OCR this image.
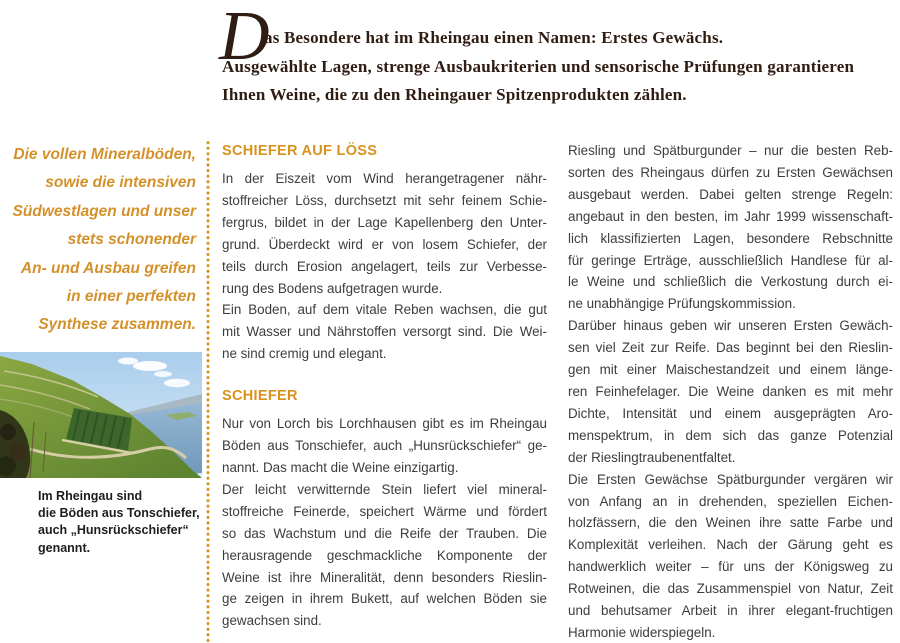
D
as Besondere hat im Rheingau einen Namen: Erstes Gewächs.
Ausgewählte Lagen, strenge Ausbaukriterien und sensorische Prüfungen garantieren
Ihnen Weine, die zu den Rheingauer Spitzenprodukten zählen.
Die vollen Mineralböden,
sowie die intensiven
Südwestlagen und unser
stets schonender
An- und Ausbau greifen
in einer perfekten
Synthese zusammen.
Im Rheingau sind
die Böden aus Tonschiefer,
auch „Hunsrückschiefer“
genannt.
SCHIEFER AUF LÖSS
In der Eiszeit vom Wind herangetragener nähr-
stoffreicher Löss, durchsetzt mit sehr feinem Schie-
fergrus, bildet in der Lage Kapellenberg den Unter-
grund. Überdeckt wird er von losem Schiefer, der
teils durch Erosion angelagert, teils zur Verbesse-
rung des Bodens aufgetragen wurde.
Ein Boden, auf dem vitale Reben wachsen, die gut
mit Wasser und Nährstoffen versorgt sind. Die Wei-
ne sind cremig und elegant.
SCHIEFER
Nur von Lorch bis Lorchhausen gibt es im Rheingau
Böden aus Tonschiefer, auch „Hunsrückschiefer“ ge-
nannt. Das macht die Weine einzigartig.
Der leicht verwitternde Stein liefert viel mineral-
stoffreiche Feinerde, speichert Wärme und fördert
so das Wachstum und die Reife der Trauben. Die
herausragende geschmackliche Komponente der
Weine ist ihre Mineralität, denn besonders Rieslin-
ge zeigen in ihrem Bukett, auf welchen Böden sie
gewachsen sind.
Riesling und Spätburgunder – nur die besten Reb-
sorten des Rheingaus dürfen zu Ersten Gewächsen
ausgebaut werden. Dabei gelten strenge Regeln:
angebaut in den besten, im Jahr 1999 wissenschaft-
lich klassifizierten Lagen, besondere Rebschnitte
für geringe Erträge, ausschließlich Handlese für al-
le Weine und schließlich die Verkostung durch ei-
ne unabhängige Prüfungskommission.
Darüber hinaus geben wir unseren Ersten Gewäch-
sen viel Zeit zur Reife. Das beginnt bei den Rieslin-
gen mit einer Maischestandzeit und einem länge-
ren Feinhefelager. Die Weine danken es mit mehr
Dichte, Intensität und einem ausgeprägten Aro-
menspektrum, in dem sich das ganze Potenzial
der Rieslingtraubenentfaltet.
Die Ersten Gewächse Spätburgunder vergären wir
von Anfang an in drehenden, speziellen Eichen-
holzfässern, die den Weinen ihre satte Farbe und
Komplexität verleihen. Nach der Gärung geht es
handwerklich weiter – für uns der Königsweg zu
Rotweinen, die das Zusammenspiel von Natur, Zeit
und behutsamer Arbeit in ihrer elegant-fruchtigen
Harmonie widerspiegeln.
